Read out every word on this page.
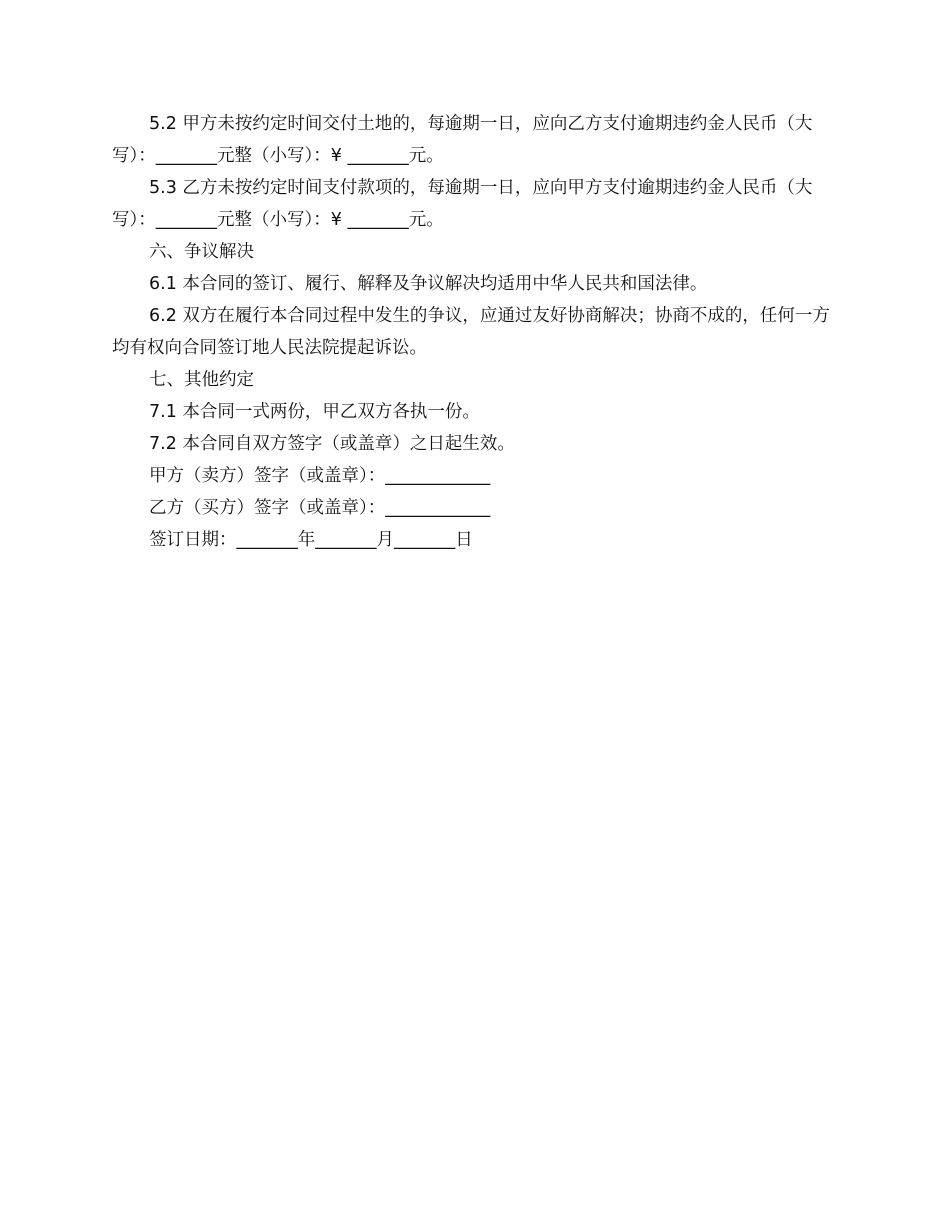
5.2 甲方未按约定时间交付土地的，每逾期一日，应向乙方支付逾期违约金人民币（大写）：_______元整（小写）：¥ _______元。

5.3 乙方未按约定时间支付款项的，每逾期一日，应向甲方支付逾期违约金人民币（大写）：_______元整（小写）：¥ _______元。

六、争议解决

6.1 本合同的签订、履行、解释及争议解决均适用中华人民共和国法律。

6.2 双方在履行本合同过程中发生的争议，应通过友好协商解决；协商不成的，任何一方均有权向合同签订地人民法院提起诉讼。

七、其他约定

7.1 本合同一式两份，甲乙双方各执一份。

7.2 本合同自双方签字（或盖章）之日起生效。

甲方（卖方）签字（或盖章）：____________

乙方（买方）签字（或盖章）：____________

签订日期：_______年_______月_______日
